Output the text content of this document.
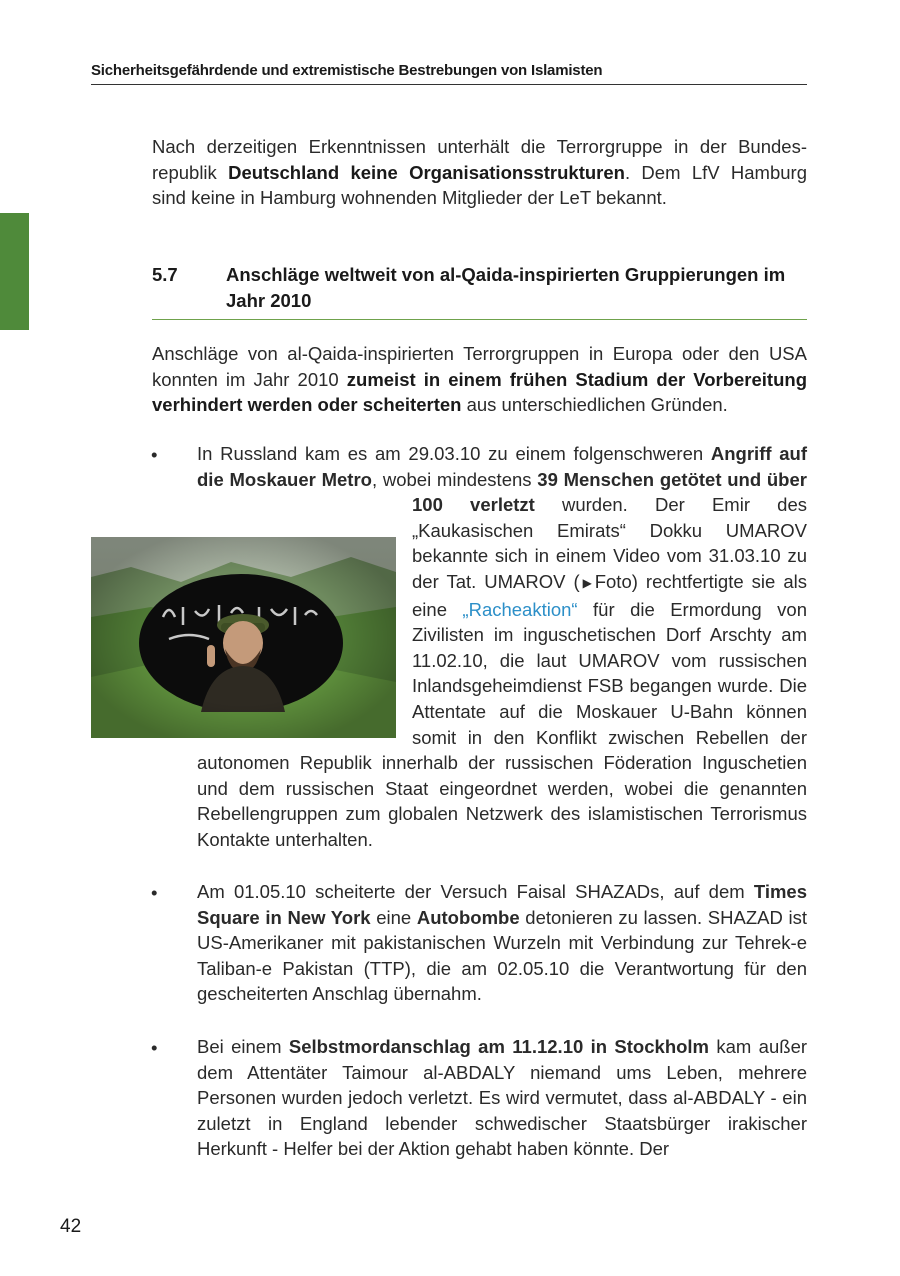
Sicherheitsgefährdende und extremistische Bestrebungen von Islamisten

Nach derzeitigen Erkenntnissen unterhält die Terrorgruppe in der Bundesrepublik Deutschland keine Organisationsstrukturen. Dem LfV Hamburg sind keine in Hamburg wohnenden Mitglieder der LeT bekannt.

5.7	Anschläge weltweit von al-Qaida-inspirierten Gruppierungen im Jahr 2010

Anschläge von al-Qaida-inspirierten Terrorgruppen in Europa oder den USA konnten im Jahr 2010 zumeist in einem frühen Stadium der Vorbereitung verhindert werden oder scheiterten aus unterschiedlichen Gründen.

• In Russland kam es am 29.03.10 zu einem folgenschweren Angriff auf die Moskauer Metro, wobei mindestens 39 Menschen getötet und über 100 verletzt wurden. Der Emir des „Kaukasischen Emirats“ Dokku UMAROV bekannte sich in einem Video vom 31.03.10 zu der Tat. UMAROV (▶Foto) rechtfertigte sie als eine „Racheaktion“ für die Ermordung von Zivilisten im inguschetischen Dorf Arschty am 11.02.10, die laut UMAROV vom russischen Inlandsgeheimdienst FSB begangen wurde. Die Attentate auf die Moskauer U-Bahn können somit in den Konflikt zwischen Rebellen der autonomen Republik innerhalb der russischen Föderation Inguschetien und dem russischen Staat eingeordnet werden, wobei die genannten Rebellengruppen zum globalen Netzwerk des islamistischen Terrorismus Kontakte unterhalten.

• Am 01.05.10 scheiterte der Versuch Faisal SHAZADs, auf dem Times Square in New York eine Autobombe detonieren zu lassen. SHAZAD ist US-Amerikaner mit pakistanischen Wurzeln mit Verbindung zur Tehrek-e Taliban-e Pakistan (TTP), die am 02.05.10 die Verantwortung für den gescheiterten Anschlag übernahm.

• Bei einem Selbstmordanschlag am 11.12.10 in Stockholm kam außer dem Attentäter Taimour al-ABDALY niemand ums Leben, mehrere Personen wurden jedoch verletzt. Es wird vermutet, dass al-ABDALY - ein zuletzt in England lebender schwedischer Staatsbürger irakischer Herkunft - Helfer bei der Aktion gehabt haben könnte. Der

42
